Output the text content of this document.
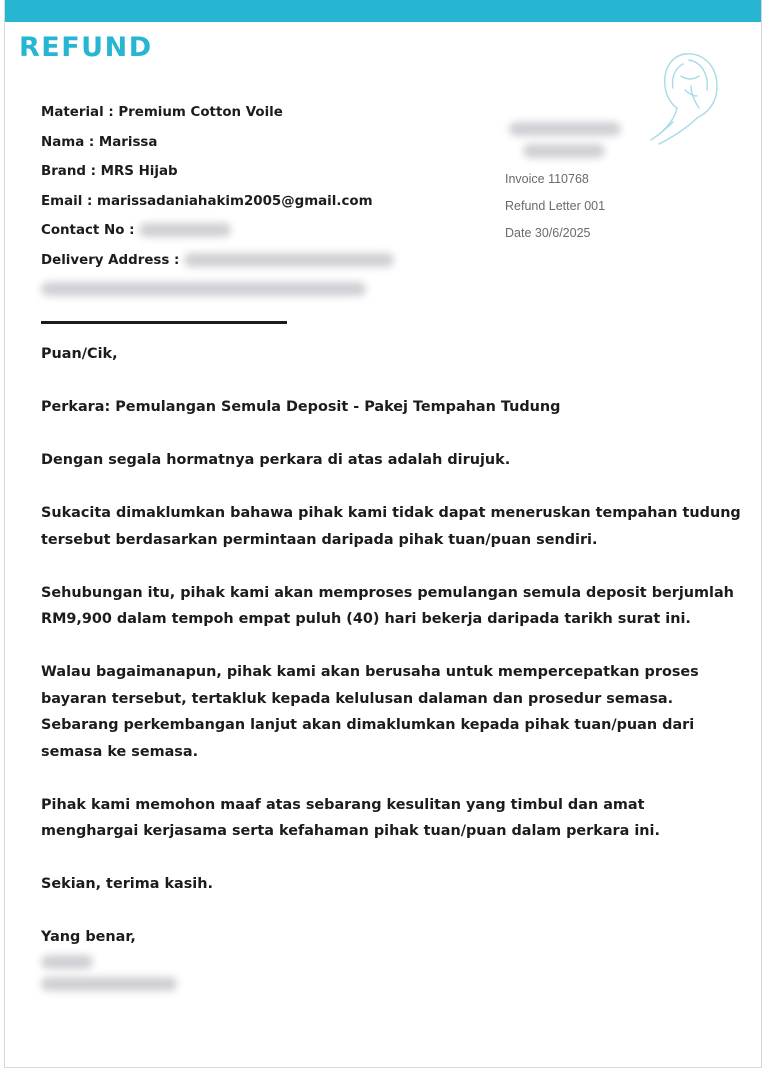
REFUND
Material : Premium Cotton Voile
Nama : Marissa
Brand : MRS Hijab
Email : marissadaniahakim2005@gmail.com
Contact No :
Delivery Address :
Invoice 110768
Refund Letter 001
Date 30/6/2025

Puan/Cik,

Perkara: Pemulangan Semula Deposit - Pakej Tempahan Tudung

Dengan segala hormatnya perkara di atas adalah dirujuk.

Sukacita dimaklumkan bahawa pihak kami tidak dapat meneruskan tempahan tudung tersebut berdasarkan permintaan daripada pihak tuan/puan sendiri.

Sehubungan itu, pihak kami akan memproses pemulangan semula deposit berjumlah RM9,900 dalam tempoh empat puluh (40) hari bekerja daripada tarikh surat ini.

Walau bagaimanapun, pihak kami akan berusaha untuk mempercepatkan proses bayaran tersebut, tertakluk kepada kelulusan dalaman dan prosedur semasa. Sebarang perkembangan lanjut akan dimaklumkan kepada pihak tuan/puan dari semasa ke semasa.

Pihak kami memohon maaf atas sebarang kesulitan yang timbul dan amat menghargai kerjasama serta kefahaman pihak tuan/puan dalam perkara ini.

Sekian, terima kasih.

Yang benar,
